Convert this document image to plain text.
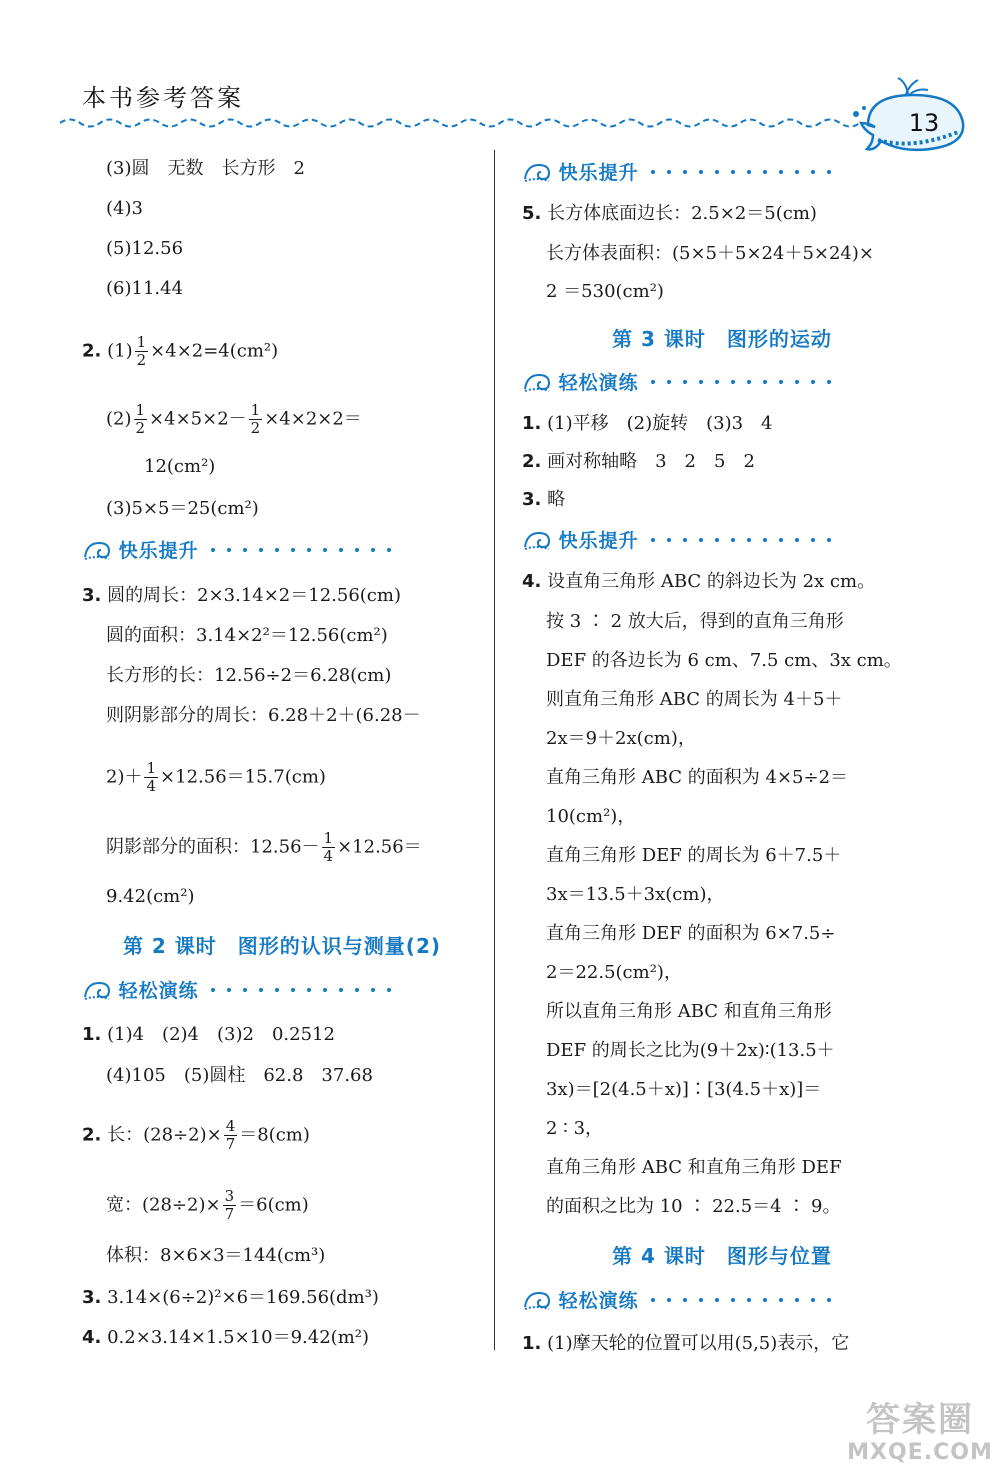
本书参考答案
13
(3)圆　无数　长方形　2
(4)3
(5)12.56
(6)11.44
2. $(1) \frac{1}{2} \times 4\times 2=4(cm^2)$
$(2) \frac{1}{2} \times 4\times 5\times 2- \frac{1}{2} \times 4\times 2\times 2=$
12(cm²)
(3)5×5＝25(cm²)
快乐提升
3. 圆的周长：2×3.14×2＝12.56(cm)
圆的面积：3.14×2²＝12.56(cm²)
长方形的长：12.56÷2＝6.28(cm)
则阴影部分的周长：6.28＋2＋(6.28－
$2)+ \frac{1}{4} \times 12.56=15.7(cm)$
阴影部分的面积：$12.56- \frac{1}{4} \times 12.56=$
9.42(cm²)
第 2 课时　图形的认识与测量(2)
轻松演练
1. (1)4　(2)4　(3)2　0.2512
(4)105　(5)圆柱　62.8　37.68
2. 长：$(28\div 2)\times \frac{4}{7} =8(cm)$
宽：$(28\div 2)\times \frac{3}{7} =6(cm)$
体积：8×6×3＝144(cm³)
3. 3.14×(6÷2)²×6＝169.56(dm³)
4. 0.2×3.14×1.5×10＝9.42(m²)
快乐提升
5. 长方体底面边长：2.5×2＝5(cm)
长方体表面积：(5×5＋5×24＋5×24)×
2 ＝530(cm²)
第 3 课时　图形的运动
轻松演练
1. (1)平移　(2)旋转　(3)3　4
2. 画对称轴略　3　2　5　2
3. 略
快乐提升
4. 设直角三角形 ABC 的斜边长为 2x cm。
按 3 ∶ 2 放大后，得到的直角三角形
DEF 的各边长为 6 cm、7.5 cm、3x cm。
则直角三角形 ABC 的周长为 4＋5＋
2x＝9＋2x(cm)，
直角三角形 ABC 的面积为 4×5÷2＝
10(cm²)，
直角三角形 DEF 的周长为 6＋7.5＋
3x＝13.5＋3x(cm)，
直角三角形 DEF 的面积为 6×7.5÷
2＝22.5(cm²)，
所以直角三角形 ABC 和直角三角形
DEF 的周长之比为(9＋2x)∶(13.5＋
3x)＝[2(4.5＋x)]∶[3(4.5＋x)]＝
2 ∶ 3，
直角三角形 ABC 和直角三角形 DEF
的面积之比为 10 ∶ 22.5＝4 ∶ 9。
第 4 课时　图形与位置
轻松演练
1. (1)摩天轮的位置可以用(5,5)表示，它
答案圈
MXQE.COM
